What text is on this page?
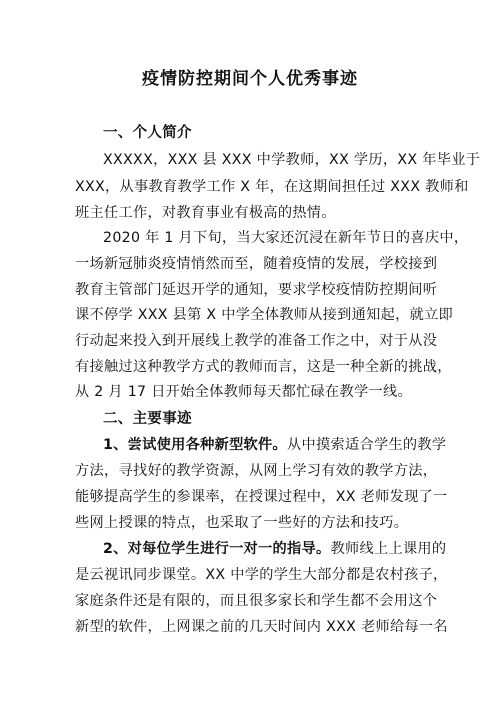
疫情防控期间个人优秀事迹
一、个人简介
XXXXX，XXX 县 XXX 中学教师，XX 学历，XX 年毕业于
XXX，从事教育教学工作 X 年，在这期间担任过 XXX 教师和
班主任工作，对教育事业有极高的热情。
2020 年 1 月下旬，当大家还沉浸在新年节日的喜庆中，
一场新冠肺炎疫情悄然而至，随着疫情的发展，学校接到
教育主管部门延迟开学的通知，要求学校疫情防控期间听
课不停学 XXX 县第 X 中学全体教师从接到通知起，就立即
行动起来投入到开展线上教学的准备工作之中，对于从没
有接触过这种教学方式的教师而言，这是一种全新的挑战，
从 2 月 17 日开始全体教师每天都忙碌在教学一线。
二、主要事迹
1、尝试使用各种新型软件。从中摸索适合学生的教学
方法，寻找好的教学资源，从网上学习有效的教学方法，
能够提高学生的参课率，在授课过程中，XX 老师发现了一
些网上授课的特点，也采取了一些好的方法和技巧。
2、对每位学生进行一对一的指导。教师线上上课用的
是云视讯同步课堂。XX 中学的学生大部分都是农村孩子，
家庭条件还是有限的，而且很多家长和学生都不会用这个
新型的软件，上网课之前的几天时间内 XXX 老师给每一名
